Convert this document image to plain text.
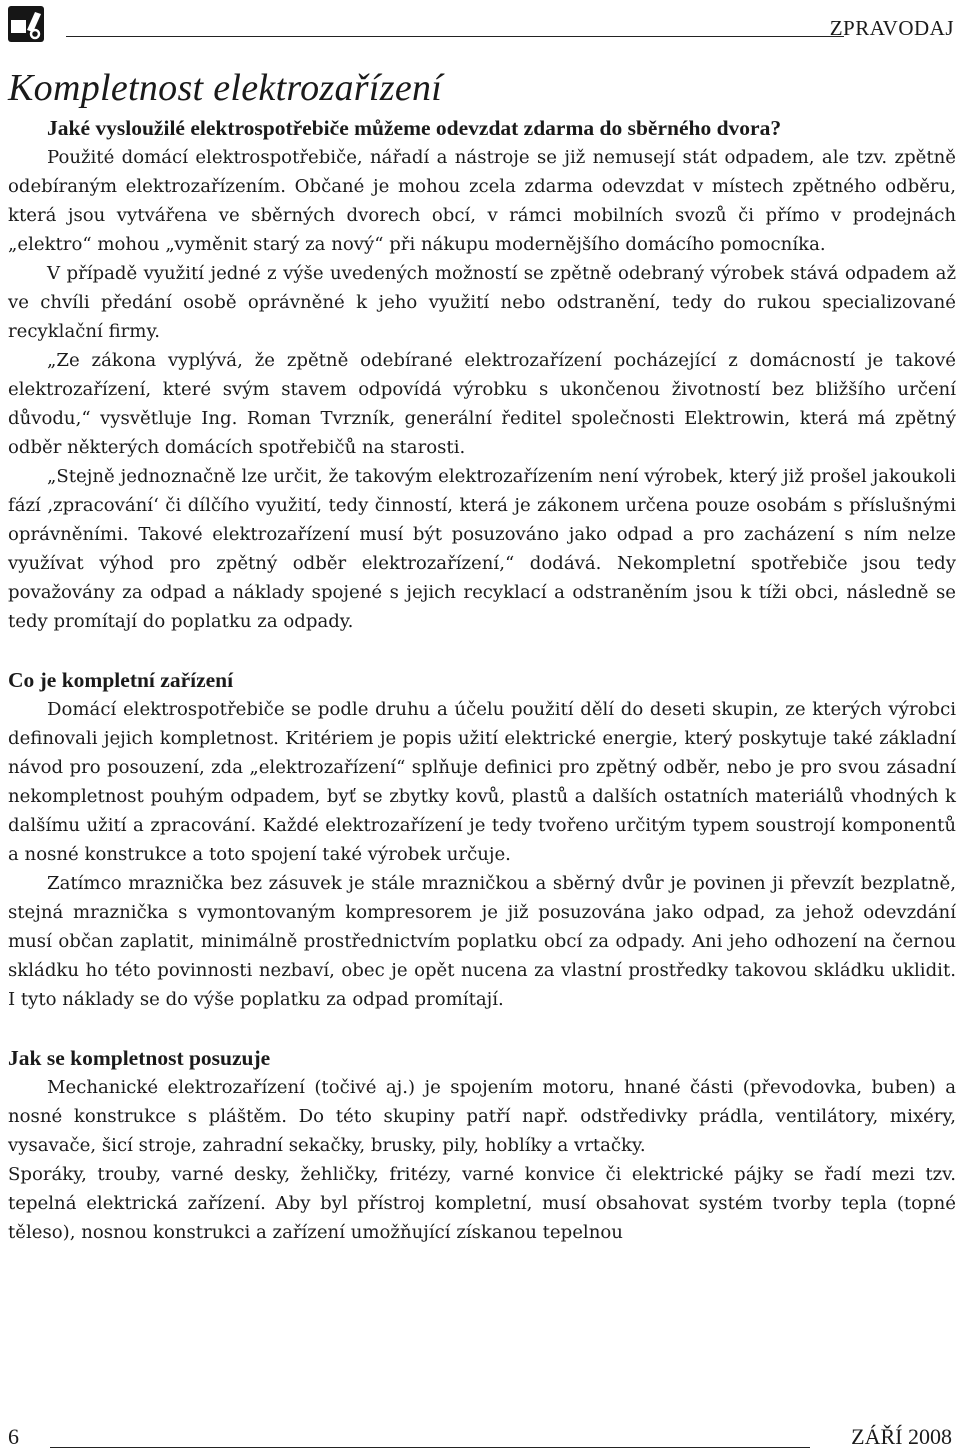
ZPRAVODAJ
Kompletnost elektrozařízení
Jaké vysloužilé elektrospotřebiče můžeme odevzdat zdarma do sběrného dvora?

Použité domácí elektrospotřebiče, nářadí a nástroje se již nemusejí stát odpadem, ale tzv. zpětně odebíraným elektrozařízením. Občané je mohou zcela zdarma odevzdat v místech zpětného odběru, která jsou vytvářena ve sběrných dvorech obcí, v rámci mobilních svozů či přímo v prodejnách „elektro“ mohou „vyměnit starý za nový“ při nákupu modernějšího domácího pomocníka.

V případě využití jedné z výše uvedených možností se zpětně odebraný výrobek stává odpadem až ve chvíli předání osobě oprávněné k jeho využití nebo odstranění, tedy do rukou specializované recyklační firmy.

„Ze zákona vyplývá, že zpětně odebírané elektrozařízení pocházející z domácností je takové elektrozařízení, které svým stavem odpovídá výrobku s ukončenou životností bez bližšího určení důvodu,“ vysvětluje Ing. Roman Tvrzník, generální ředitel společnosti Elektrowin, která má zpětný odběr některých domácích spotřebičů na starosti.

„Stejně jednoznačně lze určit, že takovým elektrozařízením není výrobek, který již prošel jakoukoli fází ‚zpracování‘ či dílčího využití, tedy činností, která je zákonem určena pouze osobám s příslušnými oprávněními. Takové elektrozařízení musí být posuzováno jako odpad a pro zacházení s ním nelze využívat výhod pro zpětný odběr elektrozařízení,“ dodává. Nekompletní spotřebiče jsou tedy považovány za odpad a náklady spojené s jejich recyklací a odstraněním jsou k tíži obci, následně se tedy promítají do poplatku za odpady.

Co je kompletní zařízení

Domácí elektrospotřebiče se podle druhu a účelu použití dělí do deseti skupin, ze kterých výrobci definovali jejich kompletnost. Kritériem je popis užití elektrické energie, který poskytuje také základní návod pro posouzení, zda „elektrozařízení“ splňuje definici pro zpětný odběr, nebo je pro svou zásadní nekompletnost pouhým odpadem, byť se zbytky kovů, plastů a dalších ostatních materiálů vhodných k dalšímu užití a zpracování. Každé elektrozařízení je tedy tvořeno určitým typem soustrojí komponentů a nosné konstrukce a toto spojení také výrobek určuje.

Zatímco mraznička bez zásuvek je stále mrazničkou a sběrný dvůr je povinen ji převzít bezplatně, stejná mraznička s vymontovaným kompresorem je již posuzována jako odpad, za jehož odevzdání musí občan zaplatit, minimálně prostřednictvím poplatku obcí za odpady. Ani jeho odhození na černou skládku ho této povinnosti nezbaví, obec je opět nucena za vlastní prostředky takovou skládku uklidit. I tyto náklady se do výše poplatku za odpad promítají.

Jak se kompletnost posuzuje

Mechanické elektrozařízení (točivé aj.) je spojením motoru, hnané části (převodovka, buben) a nosné konstrukce s pláštěm. Do této skupiny patří např. odstředivky prádla, ventilátory, mixéry, vysavače, šicí stroje, zahradní sekačky, brusky, pily, hoblíky a vrtačky.

Sporáky, trouby, varné desky, žehličky, fritézy, varné konvice či elektrické pájky se řadí mezi tzv. tepelná elektrická zařízení. Aby byl přístroj kompletní, musí obsahovat systém tvorby tepla (topné těleso), nosnou konstrukci a zařízení umožňující získanou tepelnou

6	ZÁŘÍ 2008
